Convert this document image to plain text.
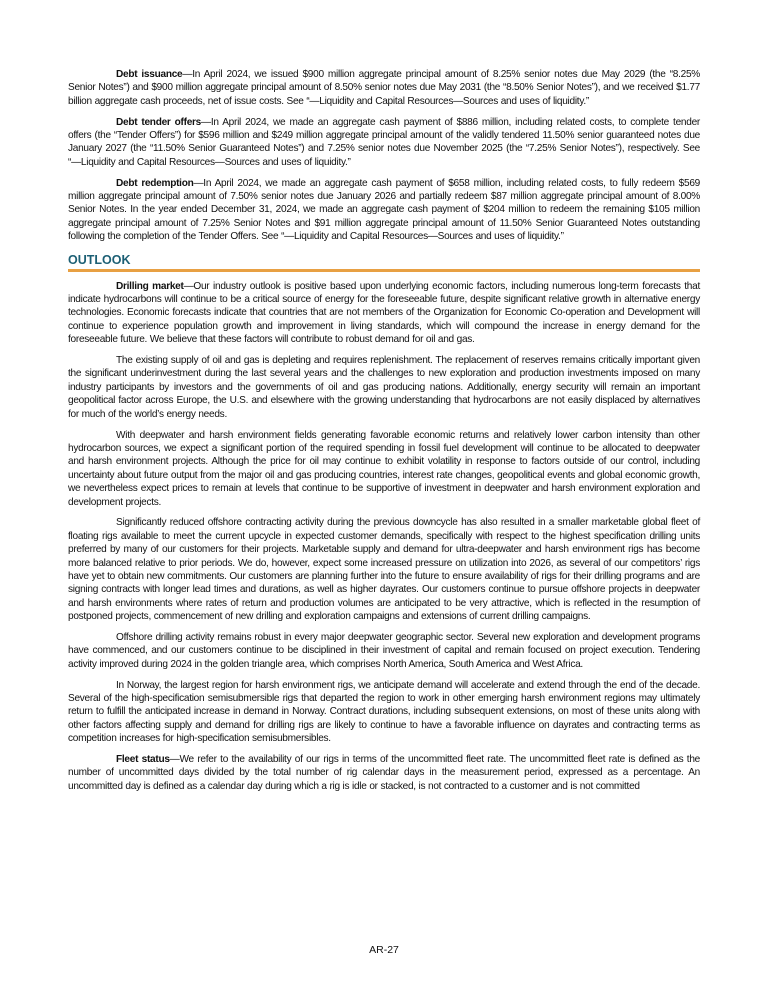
Debt issuance—In April 2024, we issued $900 million aggregate principal amount of 8.25% senior notes due May 2029 (the “8.25% Senior Notes”) and $900 million aggregate principal amount of 8.50% senior notes due May 2031 (the “8.50% Senior Notes”), and we received $1.77 billion aggregate cash proceeds, net of issue costs. See “—Liquidity and Capital Resources—Sources and uses of liquidity.”

Debt tender offers—In April 2024, we made an aggregate cash payment of $886 million, including related costs, to complete tender offers (the “Tender Offers”) for $596 million and $249 million aggregate principal amount of the validly tendered 11.50% senior guaranteed notes due January 2027 (the “11.50% Senior Guaranteed Notes”) and 7.25% senior notes due November 2025 (the “7.25% Senior Notes”), respectively. See “—Liquidity and Capital Resources—Sources and uses of liquidity.”

Debt redemption—In April 2024, we made an aggregate cash payment of $658 million, including related costs, to fully redeem $569 million aggregate principal amount of 7.50% senior notes due January 2026 and partially redeem $87 million aggregate principal amount of 8.00% Senior Notes. In the year ended December 31, 2024, we made an aggregate cash payment of $204 million to redeem the remaining $105 million aggregate principal amount of 7.25% Senior Notes and $91 million aggregate principal amount of 11.50% Senior Guaranteed Notes outstanding following the completion of the Tender Offers. See “—Liquidity and Capital Resources—Sources and uses of liquidity.”

OUTLOOK

Drilling market—Our industry outlook is positive based upon underlying economic factors, including numerous long-term forecasts that indicate hydrocarbons will continue to be a critical source of energy for the foreseeable future, despite significant relative growth in alternative energy technologies. Economic forecasts indicate that countries that are not members of the Organization for Economic Co-operation and Development will continue to experience population growth and improvement in living standards, which will compound the increase in energy demand for the foreseeable future. We believe that these factors will contribute to robust demand for oil and gas.

The existing supply of oil and gas is depleting and requires replenishment. The replacement of reserves remains critically important given the significant underinvestment during the last several years and the challenges to new exploration and production investments imposed on many industry participants by investors and the governments of oil and gas producing nations. Additionally, energy security will remain an important geopolitical factor across Europe, the U.S. and elsewhere with the growing understanding that hydrocarbons are not easily displaced by alternatives for much of the world’s energy needs.

With deepwater and harsh environment fields generating favorable economic returns and relatively lower carbon intensity than other hydrocarbon sources, we expect a significant portion of the required spending in fossil fuel development will continue to be allocated to deepwater and harsh environment projects. Although the price for oil may continue to exhibit volatility in response to factors outside of our control, including uncertainty about future output from the major oil and gas producing countries, interest rate changes, geopolitical events and global economic growth, we nevertheless expect prices to remain at levels that continue to be supportive of investment in deepwater and harsh environment exploration and development projects.

Significantly reduced offshore contracting activity during the previous downcycle has also resulted in a smaller marketable global fleet of floating rigs available to meet the current upcycle in expected customer demands, specifically with respect to the highest specification drilling units preferred by many of our customers for their projects. Marketable supply and demand for ultra-deepwater and harsh environment rigs has become more balanced relative to prior periods. We do, however, expect some increased pressure on utilization into 2026, as several of our competitors’ rigs have yet to obtain new commitments. Our customers are planning further into the future to ensure availability of rigs for their drilling programs and are signing contracts with longer lead times and durations, as well as higher dayrates. Our customers continue to pursue offshore projects in deepwater and harsh environments where rates of return and production volumes are anticipated to be very attractive, which is reflected in the resumption of postponed projects, commencement of new drilling and exploration campaigns and extensions of current drilling campaigns.

Offshore drilling activity remains robust in every major deepwater geographic sector. Several new exploration and development programs have commenced, and our customers continue to be disciplined in their investment of capital and remain focused on project execution. Tendering activity improved during 2024 in the golden triangle area, which comprises North America, South America and West Africa.

In Norway, the largest region for harsh environment rigs, we anticipate demand will accelerate and extend through the end of the decade. Several of the high-specification semisubmersible rigs that departed the region to work in other emerging harsh environment regions may ultimately return to fulfill the anticipated increase in demand in Norway. Contract durations, including subsequent extensions, on most of these units along with other factors affecting supply and demand for drilling rigs are likely to continue to have a favorable influence on dayrates and contracting terms as competition increases for high-specification semisubmersibles.

Fleet status—We refer to the availability of our rigs in terms of the uncommitted fleet rate. The uncommitted fleet rate is defined as the number of uncommitted days divided by the total number of rig calendar days in the measurement period, expressed as a percentage. An uncommitted day is defined as a calendar day during which a rig is idle or stacked, is not contracted to a customer and is not committed

AR-27
